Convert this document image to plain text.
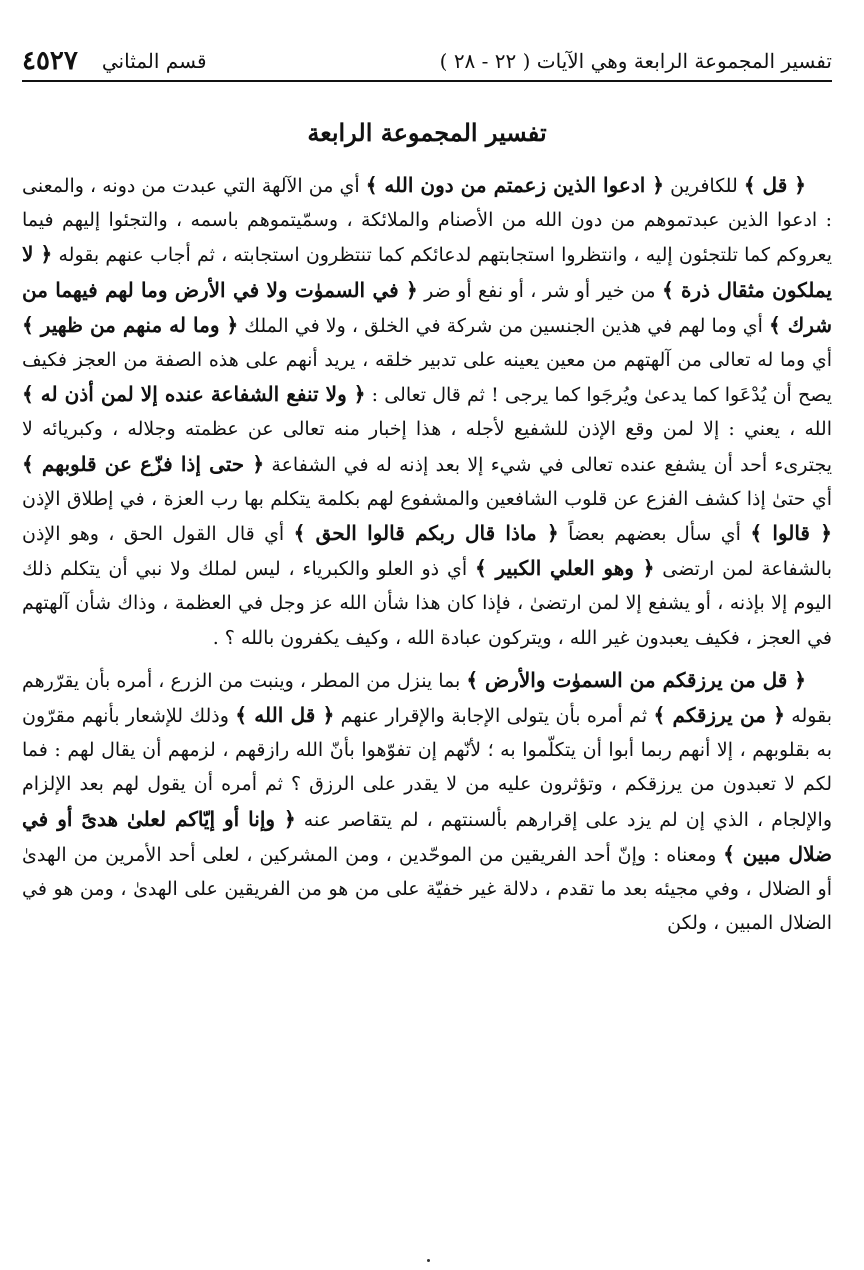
تفسير المجموعة الرابعة وهي الآيات ( ٢٢ - ٢٨ )
قسم المثاني
٤٥٢٧
تفسير المجموعة الرابعة

﴿ قل ﴾ للكافرين ﴿ ادعوا الذين زعمتم من دون الله ﴾ أي من الآلهة التي عبدت من دونه ، والمعنى : ادعوا الذين عبدتموهم من دون الله من الأصنام والملائكة ، وسمّيتموهم باسمه ، والتجئوا إليهم فيما يعروكم كما تلتجئون إليه ، وانتظروا استجابتهم لدعائكم كما تنتظرون استجابته ، ثم أجاب عنهم بقوله ﴿ لا يملكون مثقال ذرة ﴾ من خير أو شر ، أو نفع أو ضر ﴿ في السموٰت ولا في الأرض وما لهم فيهما من شرك ﴾ أي وما لهم في هذين الجنسين من شركة في الخلق ، ولا في الملك ﴿ وما له منهم من ظهير ﴾ أي وما له تعالى من آلهتهم من معين يعينه على تدبير خلقه ، يريد أنهم على هذه الصفة من العجز فكيف يصح أن يُدْعَوا كما يدعىٰ ويُرجَوا كما يرجى ! ثم قال تعالى : ﴿ ولا تنفع الشفاعة عنده إلا لمن أذن له ﴾ الله ، يعني : إلا لمن وقع الإذن للشفيع لأجله ، هذا إخبار منه تعالى عن عظمته وجلاله ، وكبريائه لا يجترىء أحد أن يشفع عنده تعالى في شيء إلا بعد إذنه له في الشفاعة ﴿ حتى إذا فزّع عن قلوبهم ﴾ أي حتىٰ إذا كشف الفزع عن قلوب الشافعين والمشفوع لهم بكلمة يتكلم بها رب العزة ، في إطلاق الإذن ﴿ قالوا ﴾ أي سأل بعضهم بعضاً ﴿ ماذا قال ربكم قالوا الحق ﴾ أي قال القول الحق ، وهو الإذن بالشفاعة لمن ارتضى ﴿ وهو العلي الكبير ﴾ أي ذو العلو والكبرياء ، ليس لملك ولا نبي أن يتكلم ذلك اليوم إلا بإذنه ، أو يشفع إلا لمن ارتضىٰ ، فإذا كان هذا شأن الله عز وجل في العظمة ، وذاك شأن آلهتهم في العجز ، فكيف يعبدون غير الله ، ويتركون عبادة الله ، وكيف يكفرون بالله ؟ .

﴿ قل من يرزقكم من السموٰت والأرض ﴾ بما ينزل من المطر ، وينبت من الزرع ، أمره بأن يقرّرهم بقوله ﴿ من يرزقكم ﴾ ثم أمره بأن يتولى الإجابة والإقرار عنهم ﴿ قل الله ﴾ وذلك للإشعار بأنهم مقرّون به بقلوبهم ، إلا أنهم ربما أبوا أن يتكلّموا به ؛ لأنّهم إن تفوّهوا بأنّ الله رازقهم ، لزمهم أن يقال لهم : فما لكم لا تعبدون من يرزقكم ، وتؤثرون عليه من لا يقدر على الرزق ؟ ثم أمره أن يقول لهم بعد الإلزام والإلجام ، الذي إن لم يزد على إقرارهم بألسنتهم ، لم يتقاصر عنه ﴿ وإنا أو إيّاكم لعلىٰ هدىً أو في ضلال مبين ﴾ ومعناه : وإنّ أحد الفريقين من الموحّدين ، ومن المشركين ، لعلى أحد الأمرين من الهدىٰ أو الضلال ، وفي مجيئه بعد ما تقدم ، دلالة غير خفيّة على من هو من الفريقين على الهدىٰ ، ومن هو في الضلال المبين ، ولكن
